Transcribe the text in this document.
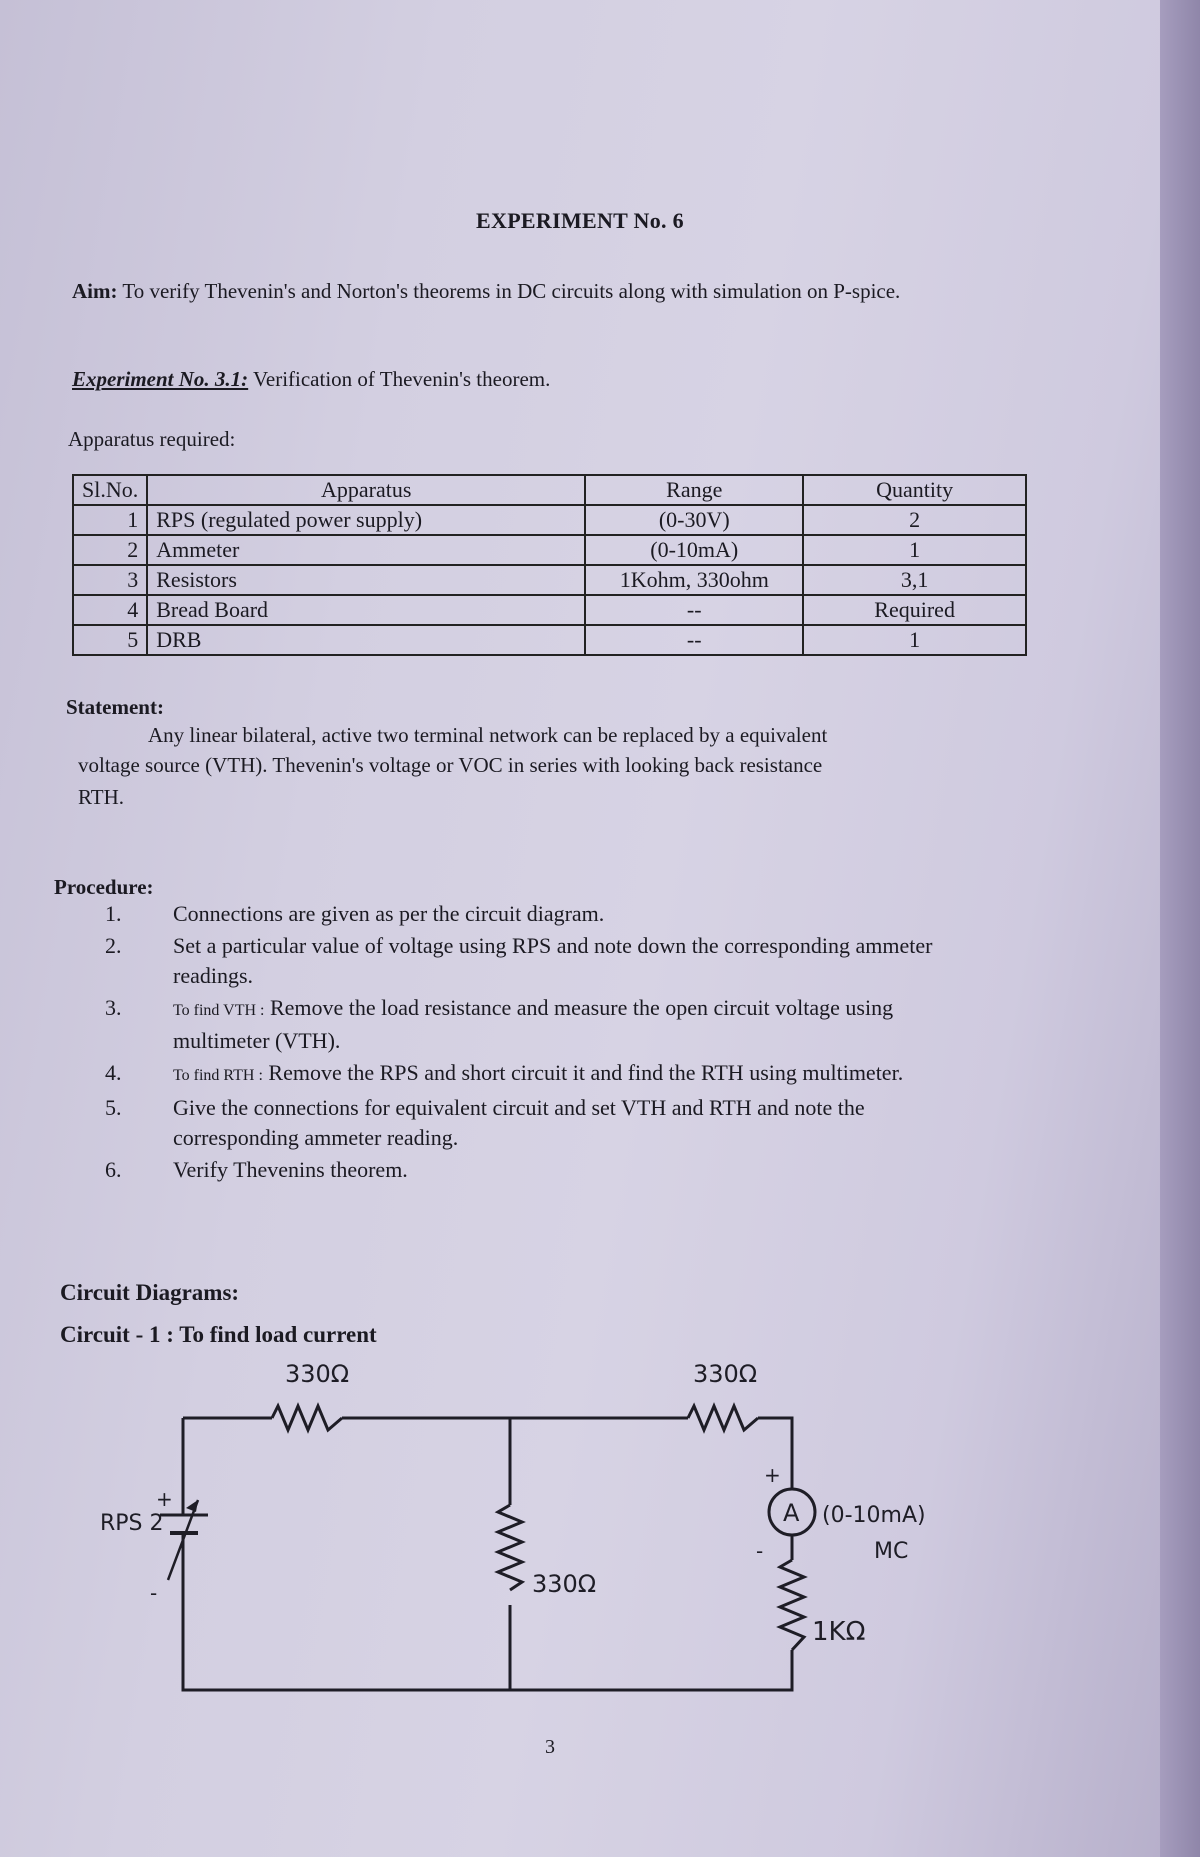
EXPERIMENT No. 6
Aim: To verify Thevenin's and Norton's theorems in DC circuits along with simulation on P-spice.
Experiment No. 3.1: Verification of Thevenin's theorem.
Apparatus required:
Sl.No.	Apparatus	Range	Quantity
1	RPS (regulated power supply)	(0-30V)	2
2	Ammeter	(0-10mA)	1
3	Resistors	1Kohm, 330ohm	3,1
4	Bread Board	--	Required
5	DRB	--	1
Statement:
Any linear bilateral, active two terminal network can be replaced by a equivalent
voltage source (VTH). Thevenin's voltage or VOC in series with looking back resistance
RTH.
Procedure:
1.	Connections are given as per the circuit diagram.
2.	Set a particular value of voltage using RPS and note down the corresponding ammeter readings.
3.	To find VTH : Remove the load resistance and measure the open circuit voltage using multimeter (VTH).
4.	To find RTH : Remove the RPS and short circuit it and find the RTH using multimeter.
5.	Give the connections for equivalent circuit and set VTH and RTH and note the corresponding ammeter reading.
6.	Verify Thevenins theorem.
Circuit Diagrams:
Circuit - 1 : To find load current
330Ω	330Ω
330Ω
1KΩ
RPS 2
+
-
+
-
A (0-10mA)
MC
3
